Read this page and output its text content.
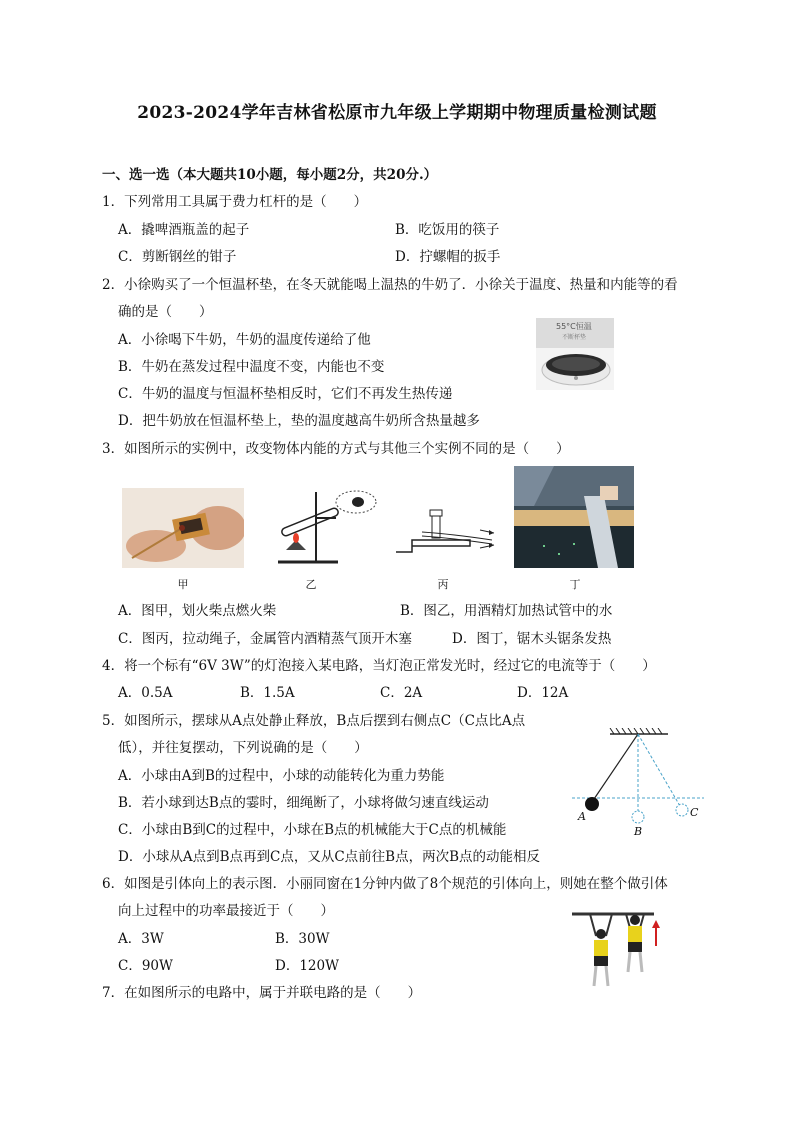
2023-2024学年吉林省松原市九年级上学期期中物理质量检测试题
一、选一选（本大题共10小题，每小题2分，共20分.）
1．下列常用工具属于费力杠杆的是（　　）
A．撬啤酒瓶盖的起子	B．吃饭用的筷子
C．剪断钢丝的钳子	D．拧螺帽的扳手
2．小徐购买了一个恒温杯垫，在冬天就能喝上温热的牛奶了．小徐关于温度、热量和内能等的看
确的是（　　）
A．小徐喝下牛奶，牛奶的温度传递给了他
B．牛奶在蒸发过程中温度不变，内能也不变
C．牛奶的温度与恒温杯垫相反时，它们不再发生热传递
D．把牛奶放在恒温杯垫上，垫的温度越高牛奶所含热量越多
55°C恒温
不断杯垫
3．如图所示的实例中，改变物体内能的方式与其他三个实例不同的是（　　）
甲	乙	丙	丁
A．图甲，划火柴点燃火柴	B．图乙，用酒精灯加热试管中的水
C．图丙，拉动绳子，金属管内酒精蒸气顶开木塞	D．图丁，锯木头锯条发热
4．将一个标有“6V 3W”的灯泡接入某电路，当灯泡正常发光时，经过它的电流等于（　　）
A．0.5A	B．1.5A	C．2A	D．12A
5．如图所示，摆球从A点处静止释放，B点后摆到右侧点C（C点比A点
低），并往复摆动，下列说确的是（　　）
A．小球由A到B的过程中，小球的动能转化为重力势能
B．若小球到达B点的霎时，细绳断了，小球将做匀速直线运动
C．小球由B到C的过程中，小球在B点的机械能大于C点的机械能
D．小球从A点到B点再到C点，又从C点前往B点，两次B点的动能相反
A
B
C
6．如图是引体向上的表示图．小丽同窗在1分钟内做了8个规范的引体向上，则她在整个做引体
向上过程中的功率最接近于（　　）
A．3W	B．30W
C．90W	D．120W
7．在如图所示的电路中，属于并联电路的是（　　）
